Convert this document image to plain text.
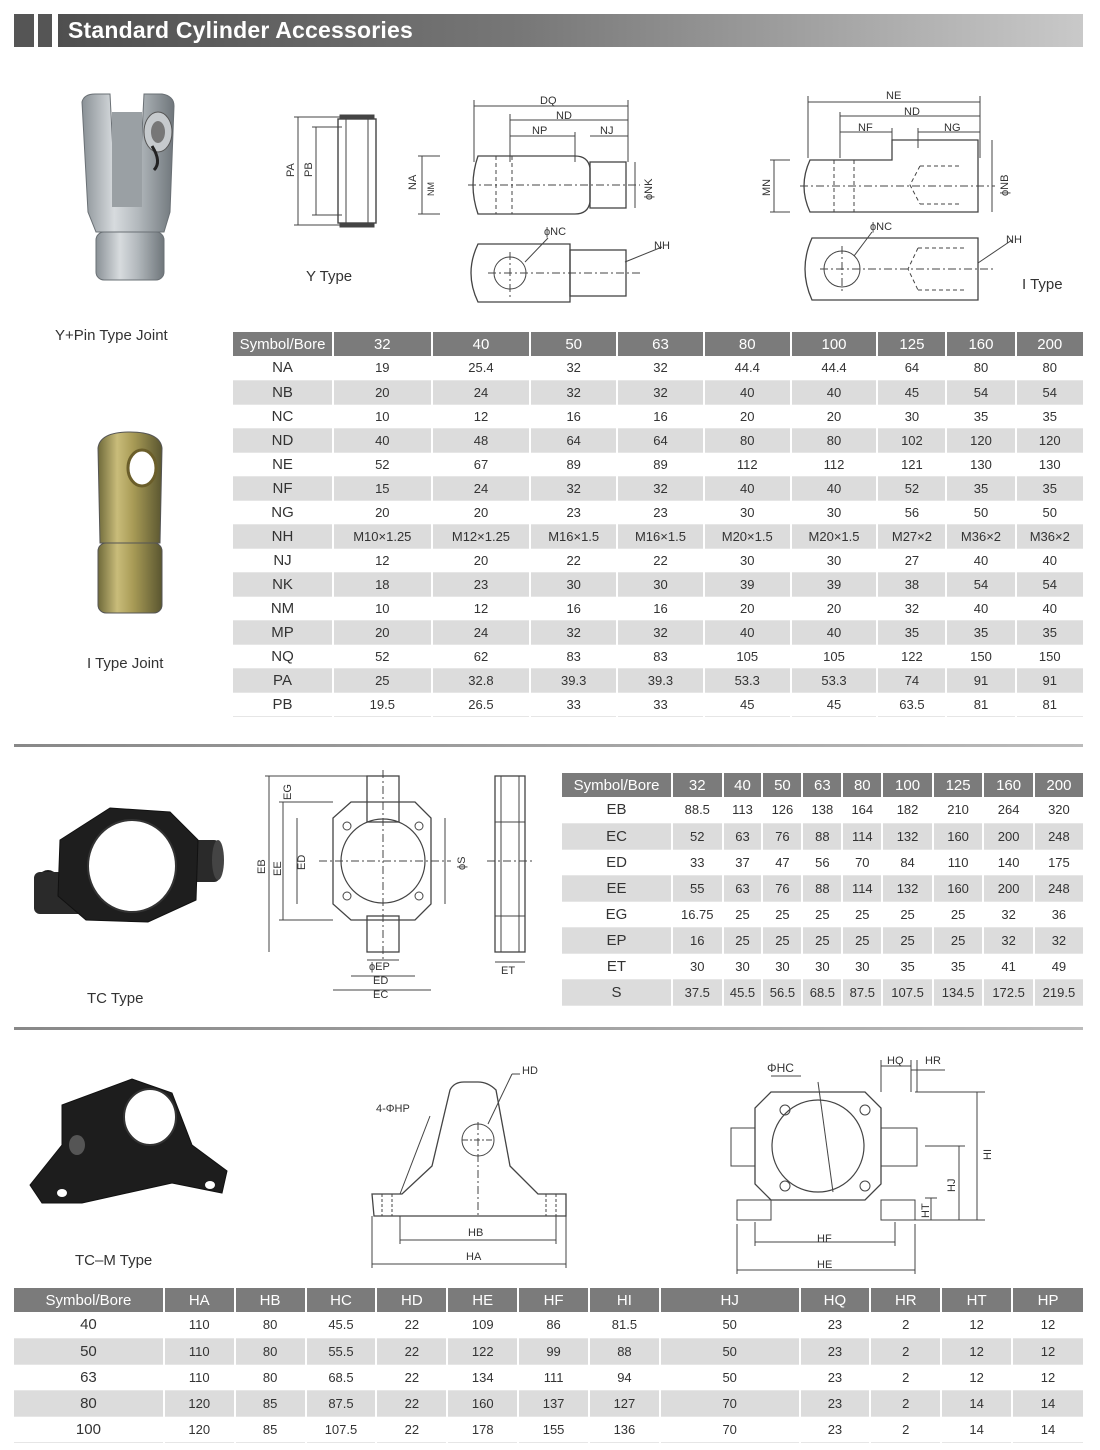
Standard Cylinder Accessories
Y+Pin Type Joint
I Type Joint
PA PB
Y Type
DQ
ND
NP	NJ
NA NM	ϕNK
ϕNC
NH
NE
ND
NF	NG
MN	ϕNB
ϕNC
NH
I Type
Symbol/Bore	32	40	50	63	80	100	125	160	200
NA	19	25.4	32	32	44.4	44.4	64	80	80
NB	20	24	32	32	40	40	45	54	54
NC	10	12	16	16	20	20	30	35	35
ND	40	48	64	64	80	80	102	120	120
NE	52	67	89	89	112	112	121	130	130
NF	15	24	32	32	40	40	52	35	35
NG	20	20	23	23	30	30	56	50	50
NH	M10×1.25	M12×1.25	M16×1.5	M16×1.5	M20×1.5	M20×1.5	M27×2	M36×2	M36×2
NJ	12	20	22	22	30	30	27	40	40
NK	18	23	30	30	39	39	38	54	54
NM	10	12	16	16	20	20	32	40	40
MP	20	24	32	32	40	40	35	35	35
NQ	52	62	83	83	105	105	122	150	150
PA	25	32.8	39.3	39.3	53.3	53.3	74	91	91
PB	19.5	26.5	33	33	45	45	63.5	81	81
TC Type
EG
EB EE ED	ϕS
ϕEP
ED
EC
ET
Symbol/Bore	32	40	50	63	80	100	125	160	200
EB	88.5	113	126	138	164	182	210	264	320
EC	52	63	76	88	114	132	160	200	248
ED	33	37	47	56	70	84	110	140	175
EE	55	63	76	88	114	132	160	200	248
EG	16.75	25	25	25	25	25	25	32	36
EP	16	25	25	25	25	25	25	32	32
ET	30	30	30	30	30	35	35	41	49
S	37.5	45.5	56.5	68.5	87.5	107.5	134.5	172.5	219.5
TC–M Type
HD
4-ΦHP
HB
HA
ΦHC	HQ HR
HI
HJ
HT
HF
HE
Symbol/Bore	HA	HB	HC	HD	HE	HF	HI	HJ	HQ	HR	HT	HP
40	110	80	45.5	22	109	86	81.5	50	23	2	12	12
50	110	80	55.5	22	122	99	88	50	23	2	12	12
63	110	80	68.5	22	134	111	94	50	23	2	12	12
80	120	85	87.5	22	160	137	127	70	23	2	14	14
100	120	85	107.5	22	178	155	136	70	23	2	14	14
